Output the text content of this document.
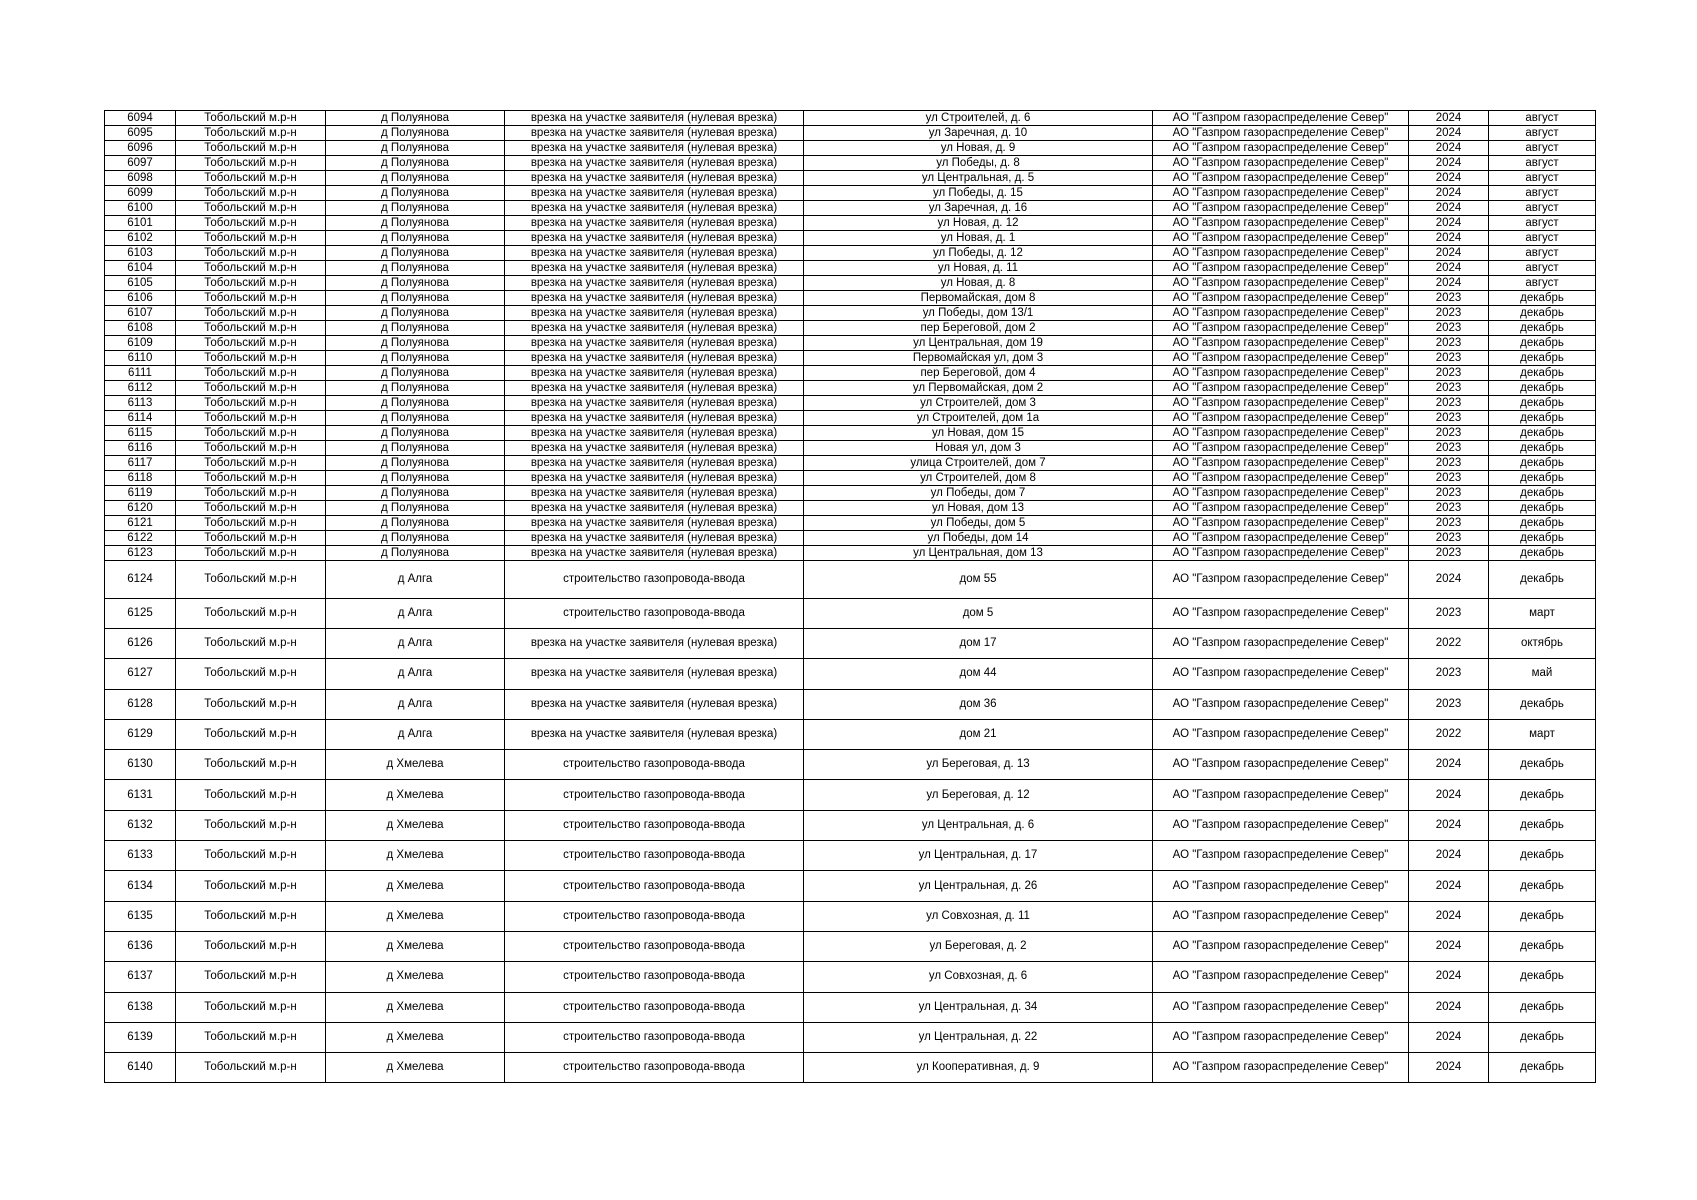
6094	Тобольский м.р-н	д Полуянова	врезка на участке заявителя (нулевая врезка)	ул Строителей, д. 6	АО "Газпром газораспределение Север"	2024	август
6095	Тобольский м.р-н	д Полуянова	врезка на участке заявителя (нулевая врезка)	ул Заречная, д. 10	АО "Газпром газораспределение Север"	2024	август
6096	Тобольский м.р-н	д Полуянова	врезка на участке заявителя (нулевая врезка)	ул Новая, д. 9	АО "Газпром газораспределение Север"	2024	август
6097	Тобольский м.р-н	д Полуянова	врезка на участке заявителя (нулевая врезка)	ул Победы, д. 8	АО "Газпром газораспределение Север"	2024	август
6098	Тобольский м.р-н	д Полуянова	врезка на участке заявителя (нулевая врезка)	ул Центральная, д. 5	АО "Газпром газораспределение Север"	2024	август
6099	Тобольский м.р-н	д Полуянова	врезка на участке заявителя (нулевая врезка)	ул Победы, д. 15	АО "Газпром газораспределение Север"	2024	август
6100	Тобольский м.р-н	д Полуянова	врезка на участке заявителя (нулевая врезка)	ул Заречная, д. 16	АО "Газпром газораспределение Север"	2024	август
6101	Тобольский м.р-н	д Полуянова	врезка на участке заявителя (нулевая врезка)	ул Новая, д. 12	АО "Газпром газораспределение Север"	2024	август
6102	Тобольский м.р-н	д Полуянова	врезка на участке заявителя (нулевая врезка)	ул Новая, д. 1	АО "Газпром газораспределение Север"	2024	август
6103	Тобольский м.р-н	д Полуянова	врезка на участке заявителя (нулевая врезка)	ул Победы, д. 12	АО "Газпром газораспределение Север"	2024	август
6104	Тобольский м.р-н	д Полуянова	врезка на участке заявителя (нулевая врезка)	ул Новая, д. 11	АО "Газпром газораспределение Север"	2024	август
6105	Тобольский м.р-н	д Полуянова	врезка на участке заявителя (нулевая врезка)	ул Новая, д. 8	АО "Газпром газораспределение Север"	2024	август
6106	Тобольский м.р-н	д Полуянова	врезка на участке заявителя (нулевая врезка)	Первомайская, дом 8	АО "Газпром газораспределение Север"	2023	декабрь
6107	Тобольский м.р-н	д Полуянова	врезка на участке заявителя (нулевая врезка)	ул Победы, дом 13/1	АО "Газпром газораспределение Север"	2023	декабрь
6108	Тобольский м.р-н	д Полуянова	врезка на участке заявителя (нулевая врезка)	пер Береговой, дом 2	АО "Газпром газораспределение Север"	2023	декабрь
6109	Тобольский м.р-н	д Полуянова	врезка на участке заявителя (нулевая врезка)	ул Центральная, дом 19	АО "Газпром газораспределение Север"	2023	декабрь
6110	Тобольский м.р-н	д Полуянова	врезка на участке заявителя (нулевая врезка)	Первомайская ул, дом 3	АО "Газпром газораспределение Север"	2023	декабрь
6111	Тобольский м.р-н	д Полуянова	врезка на участке заявителя (нулевая врезка)	пер Береговой, дом 4	АО "Газпром газораспределение Север"	2023	декабрь
6112	Тобольский м.р-н	д Полуянова	врезка на участке заявителя (нулевая врезка)	ул Первомайская, дом 2	АО "Газпром газораспределение Север"	2023	декабрь
6113	Тобольский м.р-н	д Полуянова	врезка на участке заявителя (нулевая врезка)	ул Строителей, дом 3	АО "Газпром газораспределение Север"	2023	декабрь
6114	Тобольский м.р-н	д Полуянова	врезка на участке заявителя (нулевая врезка)	ул Строителей, дом 1а	АО "Газпром газораспределение Север"	2023	декабрь
6115	Тобольский м.р-н	д Полуянова	врезка на участке заявителя (нулевая врезка)	ул Новая, дом 15	АО "Газпром газораспределение Север"	2023	декабрь
6116	Тобольский м.р-н	д Полуянова	врезка на участке заявителя (нулевая врезка)	Новая ул, дом 3	АО "Газпром газораспределение Север"	2023	декабрь
6117	Тобольский м.р-н	д Полуянова	врезка на участке заявителя (нулевая врезка)	улица Строителей, дом 7	АО "Газпром газораспределение Север"	2023	декабрь
6118	Тобольский м.р-н	д Полуянова	врезка на участке заявителя (нулевая врезка)	ул Строителей, дом 8	АО "Газпром газораспределение Север"	2023	декабрь
6119	Тобольский м.р-н	д Полуянова	врезка на участке заявителя (нулевая врезка)	ул Победы, дом 7	АО "Газпром газораспределение Север"	2023	декабрь
6120	Тобольский м.р-н	д Полуянова	врезка на участке заявителя (нулевая врезка)	ул Новая, дом 13	АО "Газпром газораспределение Север"	2023	декабрь
6121	Тобольский м.р-н	д Полуянова	врезка на участке заявителя (нулевая врезка)	ул Победы, дом 5	АО "Газпром газораспределение Север"	2023	декабрь
6122	Тобольский м.р-н	д Полуянова	врезка на участке заявителя (нулевая врезка)	ул Победы, дом 14	АО "Газпром газораспределение Север"	2023	декабрь
6123	Тобольский м.р-н	д Полуянова	врезка на участке заявителя (нулевая врезка)	ул Центральная, дом 13	АО "Газпром газораспределение Север"	2023	декабрь
6124	Тобольский м.р-н	д Алга	строительство газопровода-ввода	дом 55	АО "Газпром газораспределение Север"	2024	декабрь
6125	Тобольский м.р-н	д Алга	строительство газопровода-ввода	дом 5	АО "Газпром газораспределение Север"	2023	март
6126	Тобольский м.р-н	д Алга	врезка на участке заявителя (нулевая врезка)	дом 17	АО "Газпром газораспределение Север"	2022	октябрь
6127	Тобольский м.р-н	д Алга	врезка на участке заявителя (нулевая врезка)	дом 44	АО "Газпром газораспределение Север"	2023	май
6128	Тобольский м.р-н	д Алга	врезка на участке заявителя (нулевая врезка)	дом 36	АО "Газпром газораспределение Север"	2023	декабрь
6129	Тобольский м.р-н	д Алга	врезка на участке заявителя (нулевая врезка)	дом 21	АО "Газпром газораспределение Север"	2022	март
6130	Тобольский м.р-н	д Хмелева	строительство газопровода-ввода	ул Береговая, д. 13	АО "Газпром газораспределение Север"	2024	декабрь
6131	Тобольский м.р-н	д Хмелева	строительство газопровода-ввода	ул Береговая, д. 12	АО "Газпром газораспределение Север"	2024	декабрь
6132	Тобольский м.р-н	д Хмелева	строительство газопровода-ввода	ул Центральная, д. 6	АО "Газпром газораспределение Север"	2024	декабрь
6133	Тобольский м.р-н	д Хмелева	строительство газопровода-ввода	ул Центральная, д. 17	АО "Газпром газораспределение Север"	2024	декабрь
6134	Тобольский м.р-н	д Хмелева	строительство газопровода-ввода	ул Центральная, д. 26	АО "Газпром газораспределение Север"	2024	декабрь
6135	Тобольский м.р-н	д Хмелева	строительство газопровода-ввода	ул Совхозная, д. 11	АО "Газпром газораспределение Север"	2024	декабрь
6136	Тобольский м.р-н	д Хмелева	строительство газопровода-ввода	ул Береговая, д. 2	АО "Газпром газораспределение Север"	2024	декабрь
6137	Тобольский м.р-н	д Хмелева	строительство газопровода-ввода	ул Совхозная, д. 6	АО "Газпром газораспределение Север"	2024	декабрь
6138	Тобольский м.р-н	д Хмелева	строительство газопровода-ввода	ул Центральная, д. 34	АО "Газпром газораспределение Север"	2024	декабрь
6139	Тобольский м.р-н	д Хмелева	строительство газопровода-ввода	ул Центральная, д. 22	АО "Газпром газораспределение Север"	2024	декабрь
6140	Тобольский м.р-н	д Хмелева	строительство газопровода-ввода	ул Кооперативная, д. 9	АО "Газпром газораспределение Север"	2024	декабрь
